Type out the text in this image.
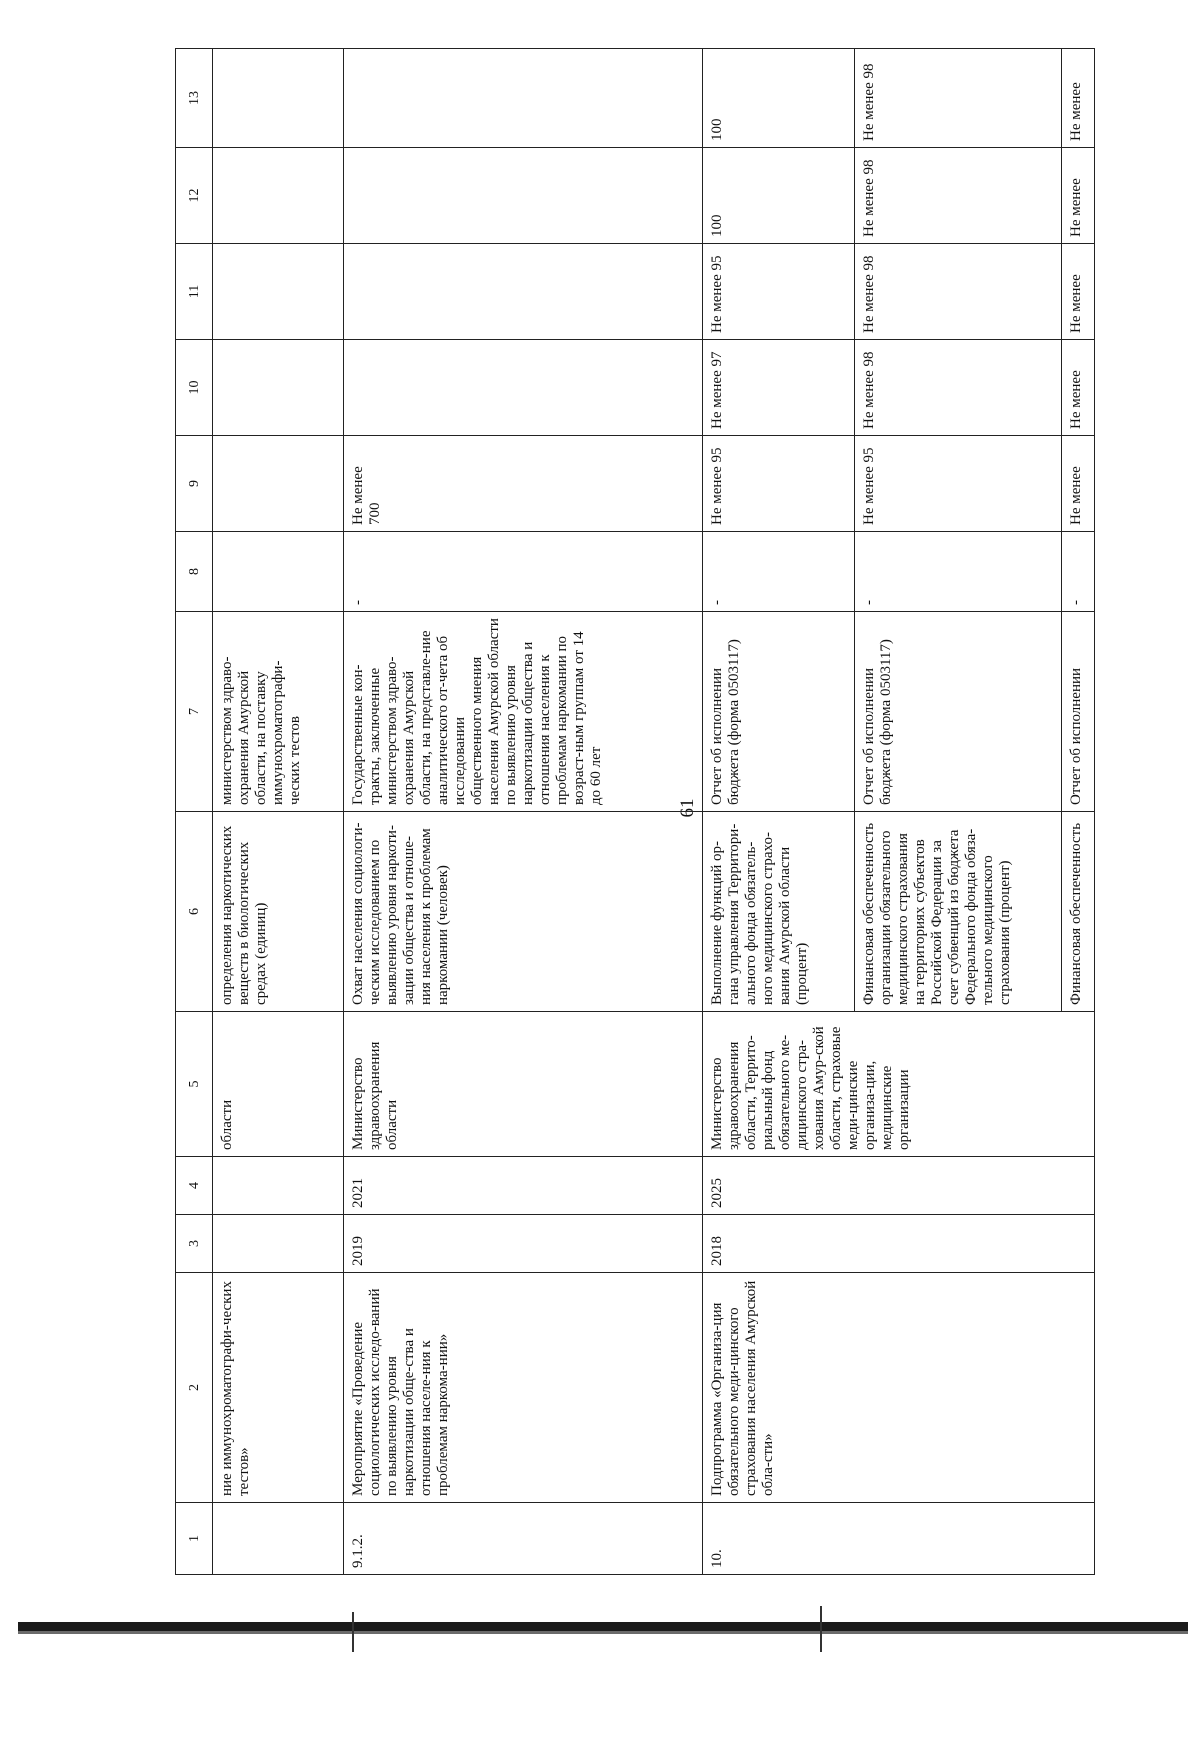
61
1	2	3	4	5	6	7	8	9	10	11	12	13
	ние иммунохроматографи-ческих тестов»			области	определения наркотических веществ в биологических средах (единиц)	министерством здраво-охранения Амурской области, на поставку иммунохроматографи-ческих тестов						
9.1.2.	Мероприятие «Проведение социологических исследо-ваний по выявлению уровня наркотизации обще-ства и отношения населе-ния к проблемам наркома-нии»	2019	2021	Министерство здравоохранения области	Охват населения социологи-ческим исследованием по выявлению уровня наркоти-зации общества и отноше-ния населения к проблемам наркомании (человек)	Государственные кон-тракты, заключенные министерством здраво-охранения Амурской области, на представле-ние аналитического от-чета об исследовании общественного мнения населения Амурской области по выявлению уровня наркотизации общества и отношения населения к проблемам наркомании по возраст-ным группам от 14 до 60 лет	-	Не менее 700				
10.	Подпрограмма «Организа-ция обязательного меди-цинского страхования населения Амурской обла-сти»	2018	2025	Министерство здравоохранения области, Террито-риальный фонд обязательного ме-дицинского стра-хования Амур-ской области, страховые меди-цинские организа-ции, медицинские организации	Выполнение функций ор-гана управления Территори-ального фонда обязатель-ного медицинского страхо-вания Амурской области (процент)	Отчет об исполнении бюджета (форма 0503117)	-	Не менее 95	Не менее 97	Не менее 95	100	100
					Финансовая обеспеченность организации обязательного медицинского страхования на территориях субъектов Российской Федерации за счет субвенций из бюджета Федерального фонда обяза-тельного медицинского страхования (процент)	Отчет об исполнении бюджета (форма 0503117)	-	Не менее 95	Не менее 98	Не менее 98	Не менее 98	Не менее 98
					Финансовая обеспеченность	Отчет об исполнении	-	Не менее	Не менее	Не менее	Не менее	Не менее
